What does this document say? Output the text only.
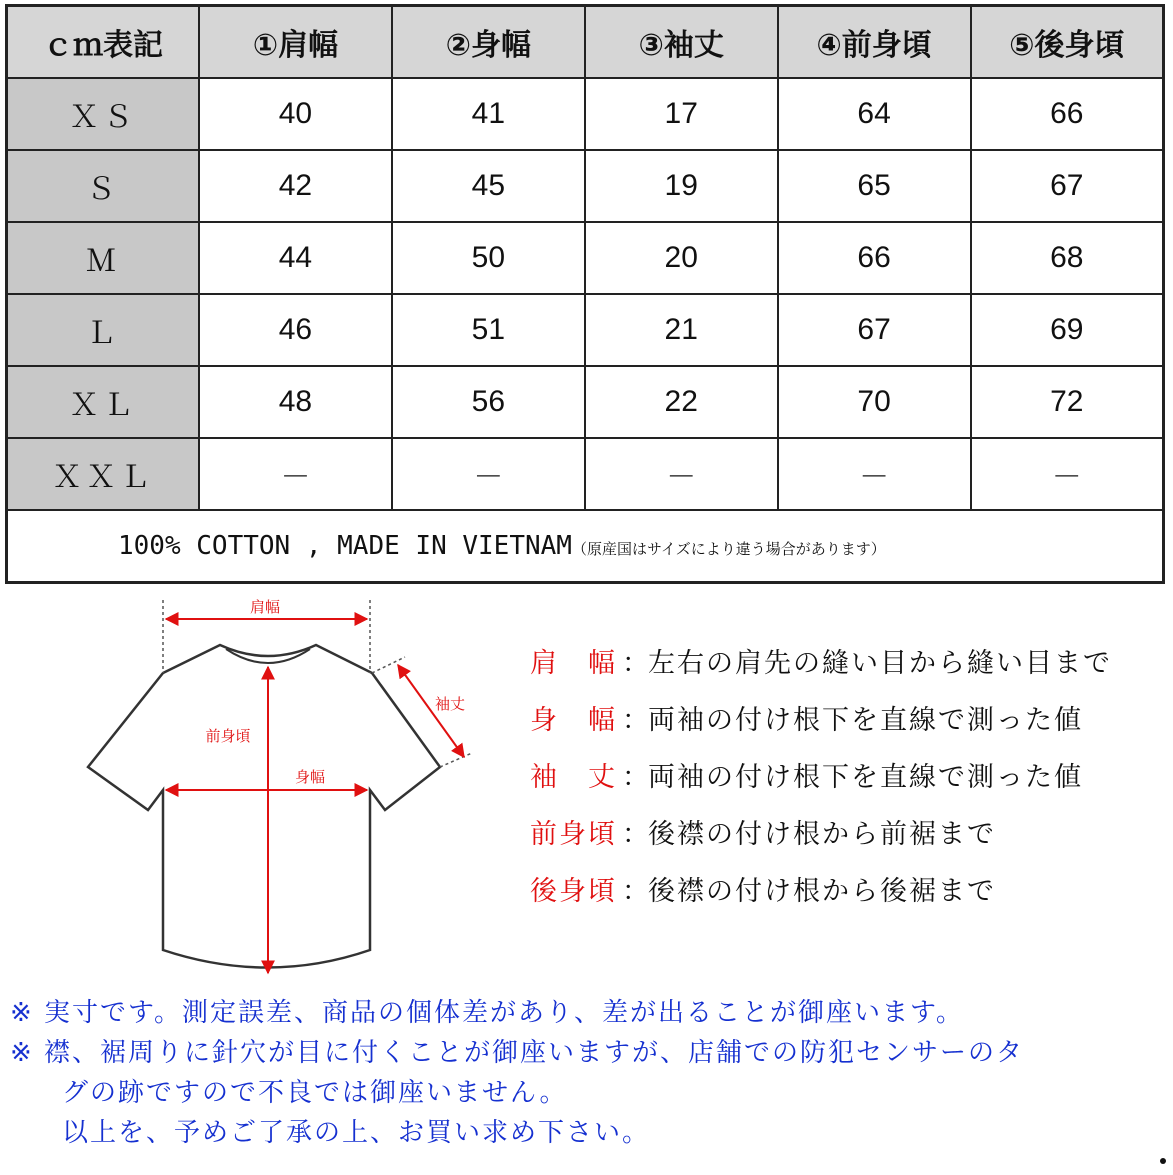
ｃｍ表記	①肩幅	②身幅	③袖丈	④前身頃	⑤後身頃
ＸＳ	40	41	17	64	66
Ｓ	42	45	19	65	67
Ｍ	44	50	20	66	68
Ｌ	46	51	21	67	69
ＸＬ	48	56	22	70	72
ＸＸＬ	－	－	－	－	－
100% COTTON , MADE IN VIETNAM（原産国はサイズにより違う場合があります）					
肩幅
袖丈
前身頃
身幅
肩　幅 ： 左右の肩先の縫い目から縫い目まで
身　幅 ： 両袖の付け根下を直線で測った値
袖　丈 ： 両袖の付け根下を直線で測った値
前身頃 ： 後襟の付け根から前裾まで
後身頃 ： 後襟の付け根から後裾まで
※ 実寸です。測定誤差、商品の個体差があり、差が出ることが御座います。
※ 襟、裾周りに針穴が目に付くことが御座いますが、店舗での防犯センサーのタ
グの跡ですので不良では御座いません。
以上を、予めご了承の上、お買い求め下さい。
